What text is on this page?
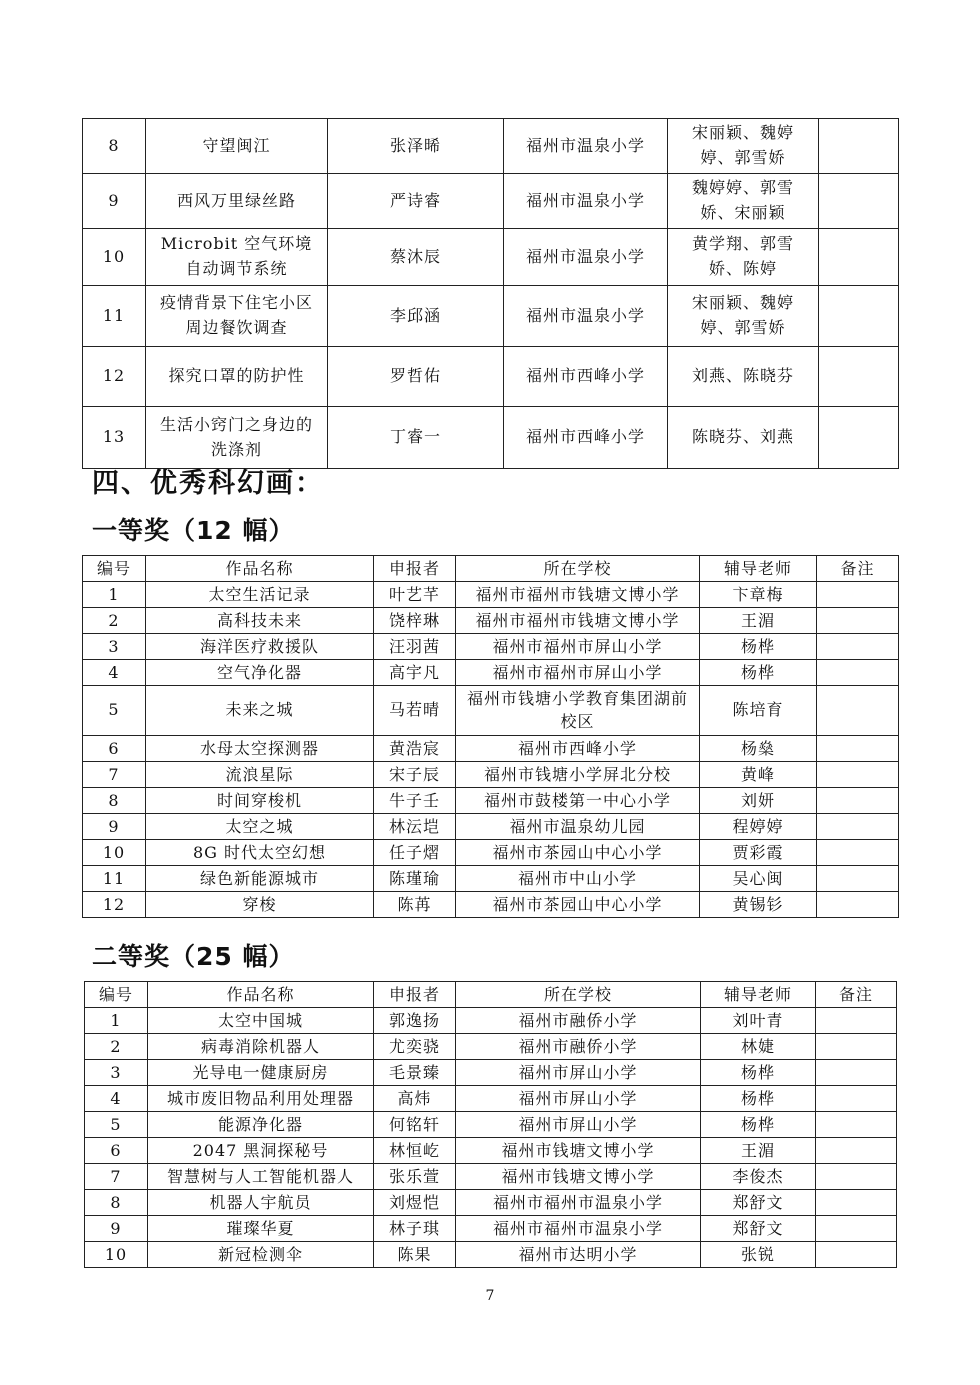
8	守望闽江	张泽晞	福州市温泉小学	宋丽颖、魏婷婷、郭雪娇	
9	西风万里绿丝路	严诗睿	福州市温泉小学	魏婷婷、郭雪娇、宋丽颖	
10	Microbit 空气环境自动调节系统	蔡沐辰	福州市温泉小学	黄学翔、郭雪娇、陈婷	
11	疫情背景下住宅小区周边餐饮调查	李邱涵	福州市温泉小学	宋丽颖、魏婷婷、郭雪娇	
12	探究口罩的防护性	罗哲佑	福州市西峰小学	刘燕、陈晓芬	
13	生活小窍门之身边的洗涤剂	丁睿一	福州市西峰小学	陈晓芬、刘燕	
四、优秀科幻画：
一等奖（12 幅）
编号	作品名称	申报者	所在学校	辅导老师	备注
1	太空生活记录	叶艺芊	福州市福州市钱塘文博小学	卞章梅	
2	高科技未来	饶梓琳	福州市福州市钱塘文博小学	王湄	
3	海洋医疗救援队	汪羽茜	福州市福州市屏山小学	杨桦	
4	空气净化器	高宇凡	福州市福州市屏山小学	杨桦	
5	未来之城	马若晴	福州市钱塘小学教育集团湖前校区	陈培育	
6	水母太空探测器	黄浩宸	福州市西峰小学	杨燊	
7	流浪星际	宋子辰	福州市钱塘小学屏北分校	黄峰	
8	时间穿梭机	牛子壬	福州市鼓楼第一中心小学	刘妍	
9	太空之城	林沄垲	福州市温泉幼儿园	程婷婷	
10	8G 时代太空幻想	任子熠	福州市茶园山中心小学	贾彩霞	
11	绿色新能源城市	陈瑾瑜	福州市中山小学	吴心闽	
12	穿梭	陈苒	福州市茶园山中心小学	黄锡钐	
二等奖（25 幅）
编号	作品名称	申报者	所在学校	辅导老师	备注
1	太空中国城	郭逸扬	福州市融侨小学	刘叶青	
2	病毒消除机器人	尤奕骁	福州市融侨小学	林婕	
3	光导电一健康厨房	毛景臻	福州市屏山小学	杨桦	
4	城市废旧物品利用处理器	高炜	福州市屏山小学	杨桦	
5	能源净化器	何铭轩	福州市屏山小学	杨桦	
6	2047 黑洞探秘号	林恒屹	福州市钱塘文博小学	王湄	
7	智慧树与人工智能机器人	张乐萱	福州市钱塘文博小学	李俊杰	
8	机器人宇航员	刘煜恺	福州市福州市温泉小学	郑舒文	
9	璀璨华夏	林子琪	福州市福州市温泉小学	郑舒文	
10	新冠检测伞	陈果	福州市达明小学	张锐	
7
